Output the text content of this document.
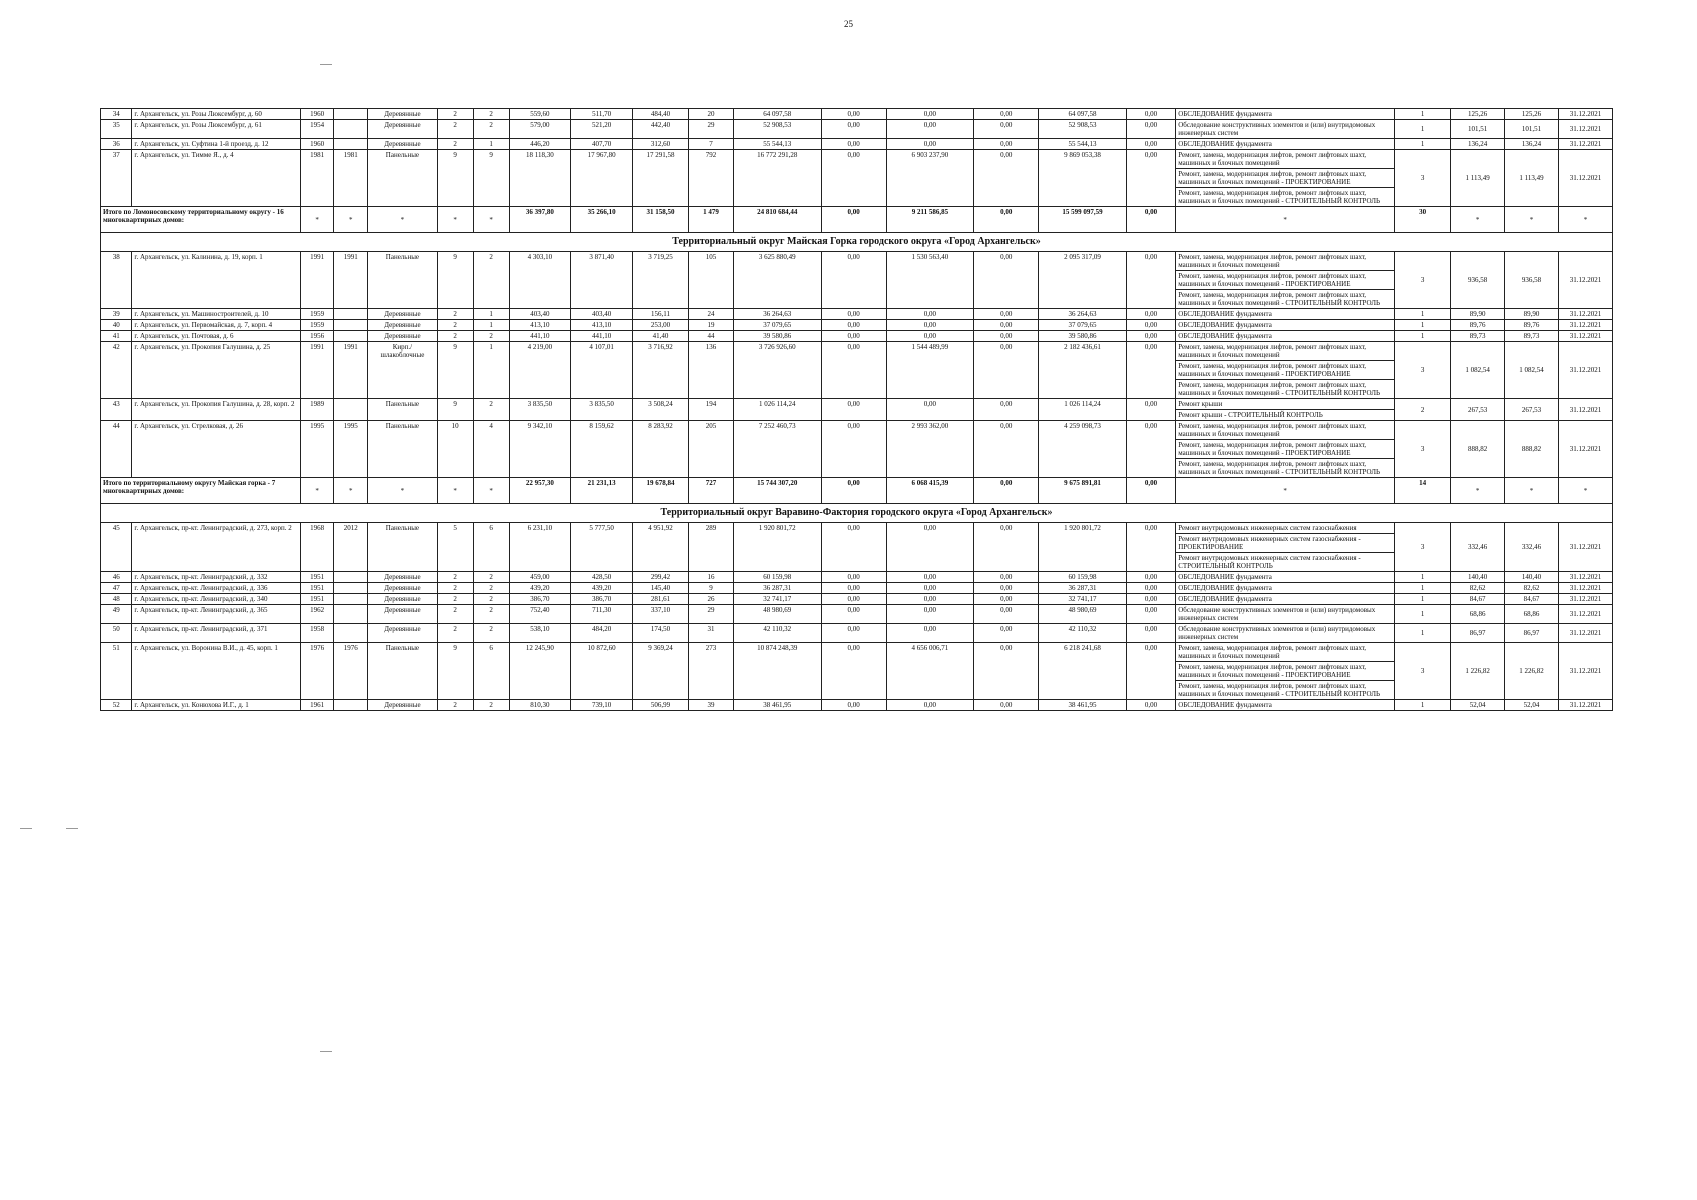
25
34	г. Архангельск, ул. Розы Люксембург, д. 60	1960		Деревянные	2	2	559,60	511,70	484,40	20	64 097,58	0,00	0,00	0,00	64 097,58	0,00	ОБСЛЕДОВАНИЕ фундамента	1	125,26	125,26	31.12.2021
35	г. Архангельск, ул. Розы Люксембург, д. 61	1954		Деревянные	2	2	579,00	521,20	442,40	29	52 908,53	0,00	0,00	0,00	52 908,53	0,00	Обследование конструктивных элементов и (или) внутридомовых инженерных систем	1	101,51	101,51	31.12.2021
36	г. Архангельск, ул. Суфтина 1-й проезд, д. 12	1960		Деревянные	2	1	446,20	407,70	312,60	7	55 544,13	0,00	0,00	0,00	55 544,13	0,00	ОБСЛЕДОВАНИЕ фундамента	1	136,24	136,24	31.12.2021
37	г. Архангельск, ул. Тимме Я., д. 4	1981	1981	Панельные	9	9	18 118,30	17 967,80	17 291,58	792	16 772 291,28	0,00	6 903 237,90	0,00	9 869 053,38	0,00	Ремонт, замена, модернизация лифтов, ремонт лифтовых шахт, машинных и блочных помещений	3	1 113,49	1 113,49	31.12.2021
																	Ремонт, замена, модернизация лифтов, ремонт лифтовых шахт, машинных и блочных помещений - ПРОЕКТИРОВАНИЕ				
																	Ремонт, замена, модернизация лифтов, ремонт лифтовых шахт, машинных и блочных помещений - СТРОИТЕЛЬНЫЙ КОНТРОЛЬ				
Итого по Ломоносовскому территориальному округу - 16 многоквартирных домов:		*	*	*	*	*	36 397,80	35 266,10	31 158,50	1 479	24 810 684,44	0,00	9 211 586,85	0,00	15 599 097,59	0,00	*	30	*	*	*
Территориальный округ Майская Горка городского округа «Город Архангельск»																					
38	г. Архангельск, ул. Калинина, д. 19, корп. 1	1991	1991	Панельные	9	2	4 303,10	3 871,40	3 719,25	105	3 625 880,49	0,00	1 530 563,40	0,00	2 095 317,09	0,00	Ремонт, замена, модернизация лифтов, ремонт лифтовых шахт, машинных и блочных помещений	3	936,58	936,58	31.12.2021
																	Ремонт, замена, модернизация лифтов, ремонт лифтовых шахт, машинных и блочных помещений - ПРОЕКТИРОВАНИЕ				
																	Ремонт, замена, модернизация лифтов, ремонт лифтовых шахт, машинных и блочных помещений - СТРОИТЕЛЬНЫЙ КОНТРОЛЬ				
39	г. Архангельск, ул. Машиностроителей, д. 10	1959		Деревянные	2	1	403,40	403,40	156,11	24	36 264,63	0,00	0,00	0,00	36 264,63	0,00	ОБСЛЕДОВАНИЕ фундамента	1	89,90	89,90	31.12.2021
40	г. Архангельск, ул. Первомайская, д. 7, корп. 4	1959		Деревянные	2	1	413,10	413,10	253,00	19	37 079,65	0,00	0,00	0,00	37 079,65	0,00	ОБСЛЕДОВАНИЕ фундамента	1	89,76	89,76	31.12.2021
41	г. Архангельск, ул. Почтовая, д. 6	1956		Деревянные	2	2	441,10	441,10	41,40	44	39 580,86	0,00	0,00	0,00	39 580,86	0,00	ОБСЛЕДОВАНИЕ фундамента	1	89,73	89,73	31.12.2021
42	г. Архангельск, ул. Прокопия Галушина, д. 25	1991	1991	Кирп./ шлакоблочные	9	1	4 219,00	4 107,01	3 716,92	136	3 726 926,60	0,00	1 544 489,99	0,00	2 182 436,61	0,00	Ремонт, замена, модернизация лифтов, ремонт лифтовых шахт, машинных и блочных помещений	3	1 082,54	1 082,54	31.12.2021
																	Ремонт, замена, модернизация лифтов, ремонт лифтовых шахт, машинных и блочных помещений - ПРОЕКТИРОВАНИЕ				
																	Ремонт, замена, модернизация лифтов, ремонт лифтовых шахт, машинных и блочных помещений - СТРОИТЕЛЬНЫЙ КОНТРОЛЬ				
43	г. Архангельск, ул. Прокопия Галушина, д. 28, корп. 2	1989		Панельные	9	2	3 835,50	3 835,50	3 508,24	194	1 026 114,24	0,00	0,00	0,00	1 026 114,24	0,00	Ремонт крыши	2	267,53	267,53	31.12.2021
																	Ремонт крыши - СТРОИТЕЛЬНЫЙ КОНТРОЛЬ				
44	г. Архангельск, ул. Стрелковая, д. 26	1995	1995	Панельные	10	4	9 342,10	8 159,62	8 283,92	205	7 252 460,73	0,00	2 993 362,00	0,00	4 259 098,73	0,00	Ремонт, замена, модернизация лифтов, ремонт лифтовых шахт, машинных и блочных помещений	3	888,82	888,82	31.12.2021
																	Ремонт, замена, модернизация лифтов, ремонт лифтовых шахт, машинных и блочных помещений - ПРОЕКТИРОВАНИЕ				
																	Ремонт, замена, модернизация лифтов, ремонт лифтовых шахт, машинных и блочных помещений - СТРОИТЕЛЬНЫЙ КОНТРОЛЬ				
Итого по территориальному округу Майская горка - 7 многоквартирных домов:		*	*	*	*	*	22 957,30	21 231,13	19 678,84	727	15 744 307,20	0,00	6 068 415,39	0,00	9 675 891,81	0,00	*	14	*	*	*
Территориальный округ Варавино-Фактория городского округа «Город Архангельск»																					
45	г. Архангельск, пр-кт. Ленинградский, д. 273, корп. 2	1968	2012	Панельные	5	6	6 231,10	5 777,50	4 951,92	289	1 920 801,72	0,00	0,00	0,00	1 920 801,72	0,00	Ремонт внутридомовых инженерных систем газоснабжения	3	332,46	332,46	31.12.2021
																	Ремонт внутридомовых инженерных систем газоснабжения - ПРОЕКТИРОВАНИЕ				
																	Ремонт внутридомовых инженерных систем газоснабжения - СТРОИТЕЛЬНЫЙ КОНТРОЛЬ				
46	г. Архангельск, пр-кт. Ленинградский, д. 332	1951		Деревянные	2	2	459,00	428,50	299,42	16	60 159,98	0,00	0,00	0,00	60 159,98	0,00	ОБСЛЕДОВАНИЕ фундамента	1	140,40	140,40	31.12.2021
47	г. Архангельск, пр-кт. Ленинградский, д. 336	1951		Деревянные	2	2	439,20	439,20	145,40	9	36 287,31	0,00	0,00	0,00	36 287,31	0,00	ОБСЛЕДОВАНИЕ фундамента	1	82,62	82,62	31.12.2021
48	г. Архангельск, пр-кт. Ленинградский, д. 340	1951		Деревянные	2	2	386,70	386,70	281,61	26	32 741,17	0,00	0,00	0,00	32 741,17	0,00	ОБСЛЕДОВАНИЕ фундамента	1	84,67	84,67	31.12.2021
49	г. Архангельск, пр-кт. Ленинградский, д. 365	1962		Деревянные	2	2	752,40	711,30	337,10	29	48 980,69	0,00	0,00	0,00	48 980,69	0,00	Обследование конструктивных элементов и (или) внутридомовых инженерных систем	1	68,86	68,86	31.12.2021
50	г. Архангельск, пр-кт. Ленинградский, д. 371	1958		Деревянные	2	2	538,10	484,20	174,50	31	42 110,32	0,00	0,00	0,00	42 110,32	0,00	Обследование конструктивных элементов и (или) внутридомовых инженерных систем	1	86,97	86,97	31.12.2021
51	г. Архангельск, ул. Воронина В.И., д. 45, корп. 1	1976	1976	Панельные	9	6	12 245,90	10 872,60	9 369,24	273	10 874 248,39	0,00	4 656 006,71	0,00	6 218 241,68	0,00	Ремонт, замена, модернизация лифтов, ремонт лифтовых шахт, машинных и блочных помещений	3	1 226,82	1 226,82	31.12.2021
																	Ремонт, замена, модернизация лифтов, ремонт лифтовых шахт, машинных и блочных помещений - ПРОЕКТИРОВАНИЕ				
																	Ремонт, замена, модернизация лифтов, ремонт лифтовых шахт, машинных и блочных помещений - СТРОИТЕЛЬНЫЙ КОНТРОЛЬ				
52	г. Архангельск, ул. Конюхова И.Г., д. 1	1961		Деревянные	2	2	810,30	739,10	506,99	39	38 461,95	0,00	0,00	0,00	38 461,95	0,00	ОБСЛЕДОВАНИЕ фундамента	1	52,04	52,04	31.12.2021
